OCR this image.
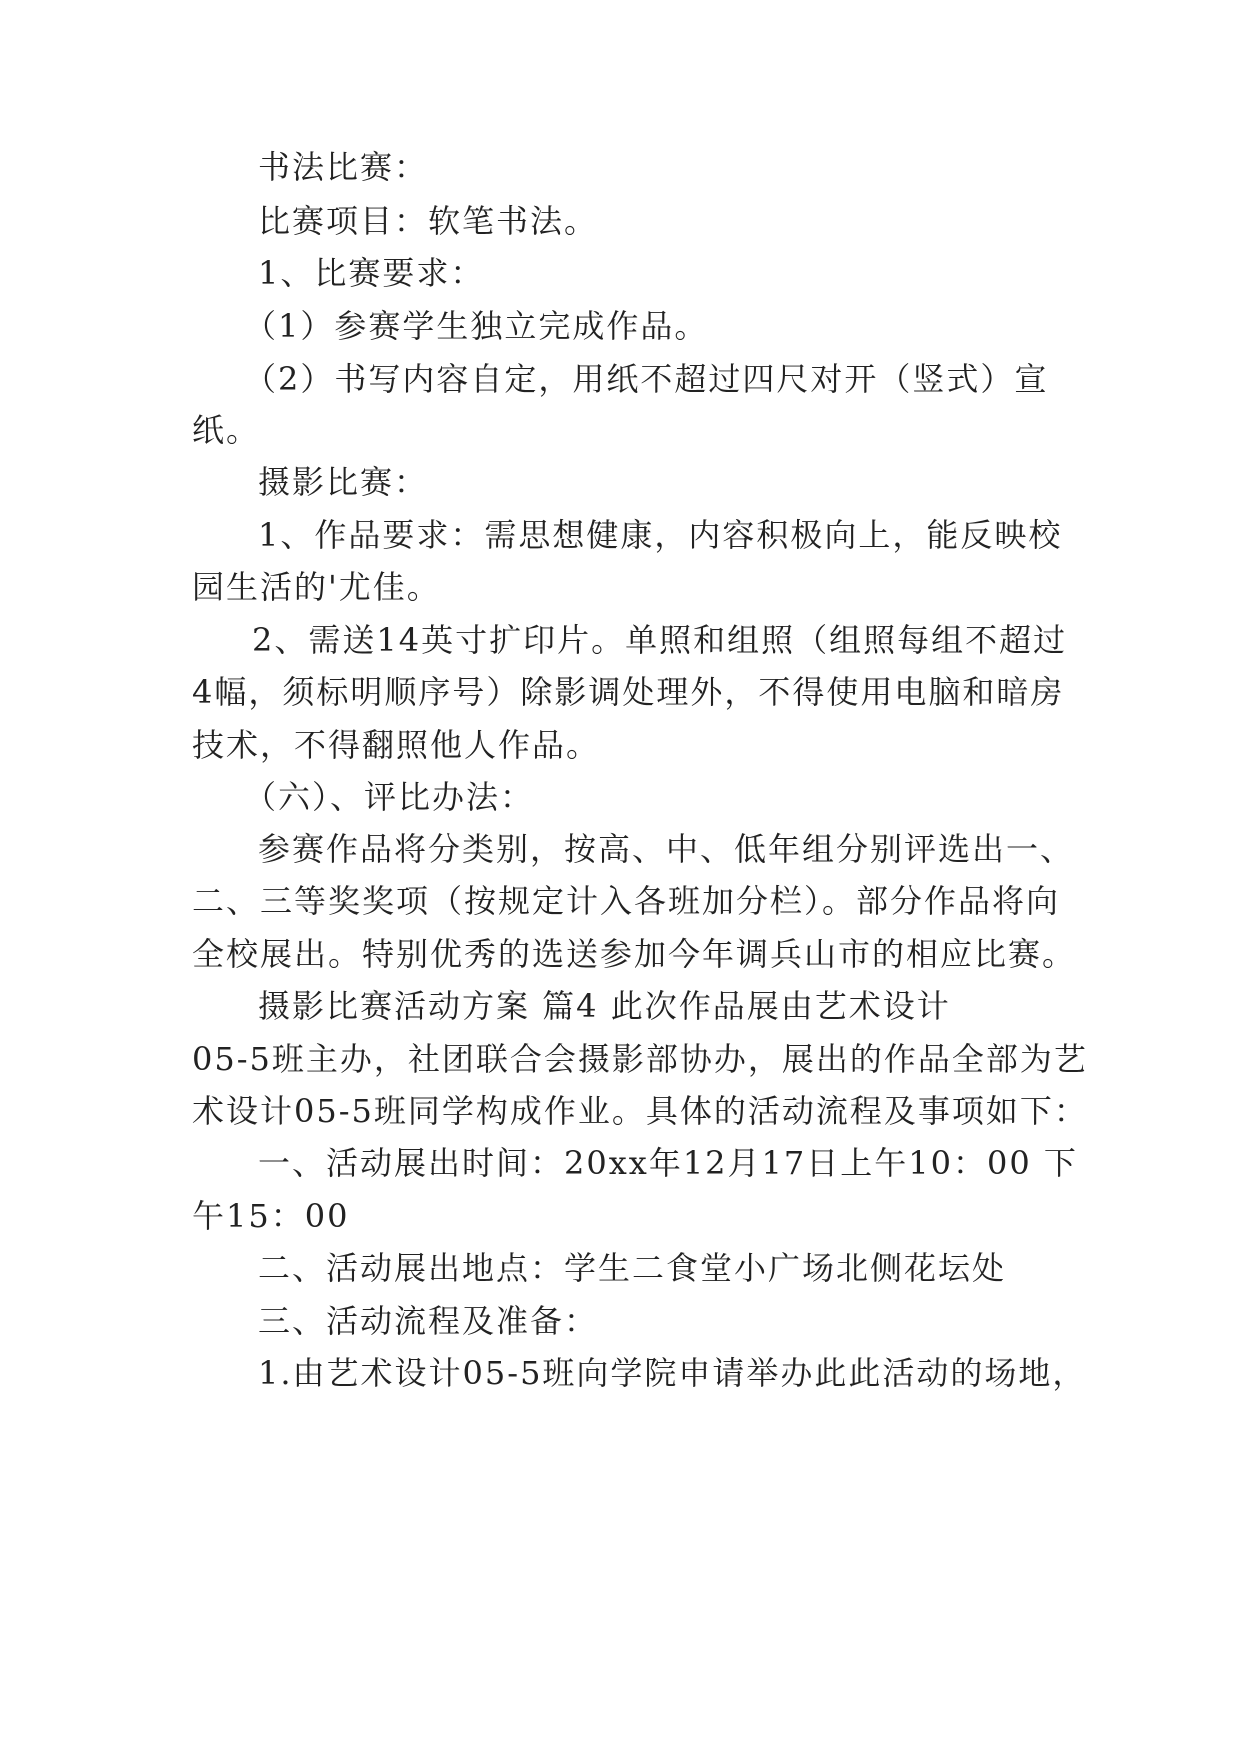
书法比赛：
比赛项目：软笔书法。
1、比赛要求：
（1）参赛学生独立完成作品。
（2）书写内容自定，用纸不超过四尺对开（竖式）宣
纸。
摄影比赛：
1、作品要求：需思想健康，内容积极向上，能反映校
园生活的'尤佳。
2、需送14英寸扩印片。单照和组照（组照每组不超过
4幅，须标明顺序号）除影调处理外，不得使用电脑和暗房
技术，不得翻照他人作品。
（六）、评比办法：
参赛作品将分类别，按高、中、低年组分别评选出一、
二、三等奖奖项（按规定计入各班加分栏）。部分作品将向
全校展出。特别优秀的选送参加今年调兵山市的相应比赛。
摄影比赛活动方案 篇4 此次作品展由艺术设计
05-5班主办，社团联合会摄影部协办，展出的作品全部为艺
术设计05-5班同学构成作业。具体的活动流程及事项如下：
一、活动展出时间：20xx年12月17日上午10：00 下
午15：00
二、活动展出地点：学生二食堂小广场北侧花坛处
三、活动流程及准备：
1.由艺术设计05-5班向学院申请举办此此活动的场地，
